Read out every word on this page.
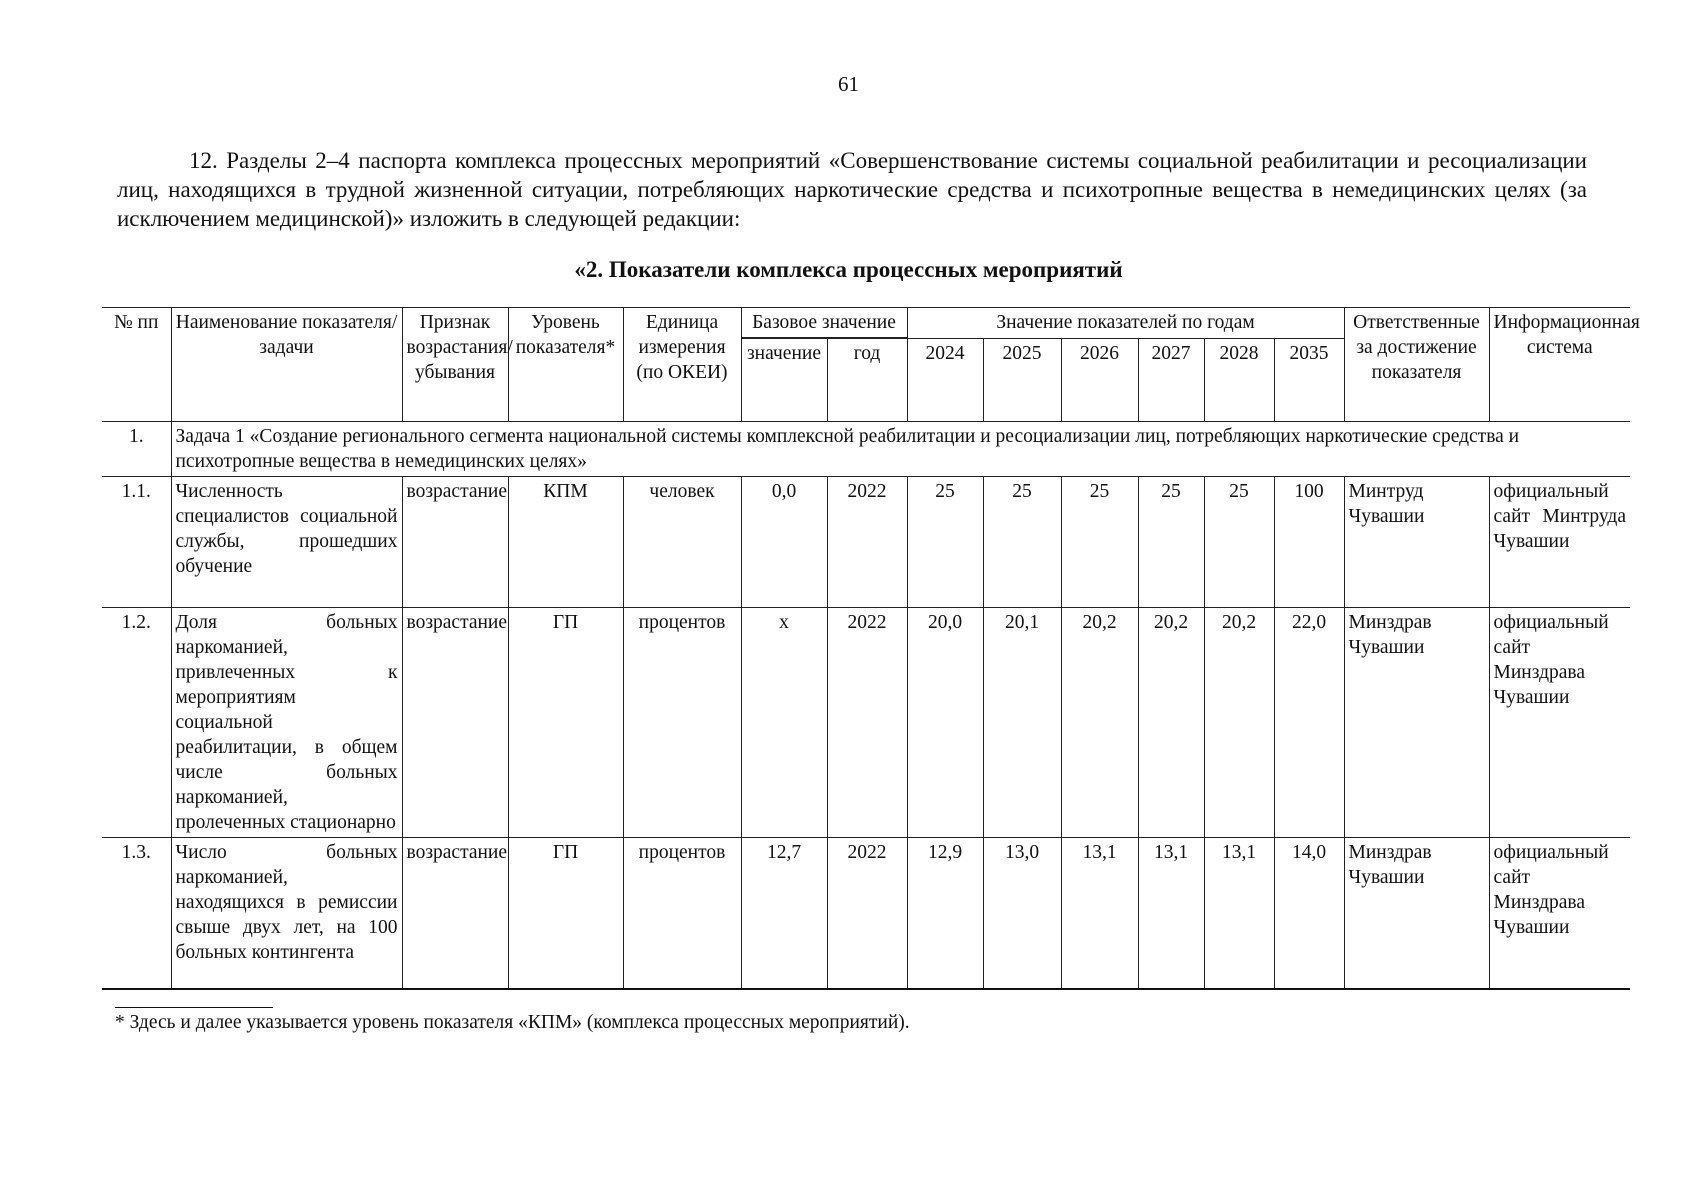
61

12. Разделы 2–4 паспорта комплекса процессных мероприятий «Совершенствование системы социальной реабилитации и ресоциализации лиц, находящихся в трудной жизненной ситуации, потребляющих наркотические средства и психотропные вещества в немедицинских целях (за исключением медицинской)» изложить в следующей редакции:

«2. Показатели комплекса процессных мероприятий
№ пп	Наименование показателя/задачи	Признак возрастания/ убывания	Уровень показателя*	Единица измерения (по ОКЕИ)	Базовое значение		Значение показателей по годам						Ответственные за достижение показателя	Информационная система

					значение	год	2024	2025	2026	2027	2028	2035		
1.	Задача 1 «Создание регионального сегмента национальной системы комплексной реабилитации и ресоциализации лиц, потребляющих наркотические средства и психотропные вещества в немедицинских целях»													
1.1.	Численность специалистов социальной службы, прошедших обучение	возрастание	КПМ	человек	0,0	2022	25	25	25	25	25	100	Минтруд Чувашии	официальный сайт Минтруда Чувашии
1.2.	Доля больных наркоманией, привлеченных к мероприятиям социальной реабилитации, в общем числе больных наркоманией, пролеченных стационарно	возрастание	ГП	процентов	х	2022	20,0	20,1	20,2	20,2	20,2	22,0	Минздрав Чувашии	официальный сайт Минздрава Чувашии
1.3.	Число больных наркоманией, находящихся в ремиссии свыше двух лет, на 100 больных контингента	возрастание	ГП	процентов	12,7	2022	12,9	13,0	13,1	13,1	13,1	14,0	Минздрав Чувашии	официальный сайт Минздрава Чувашии

* Здесь и далее указывается уровень показателя «КПМ» (комплекса процессных мероприятий).
